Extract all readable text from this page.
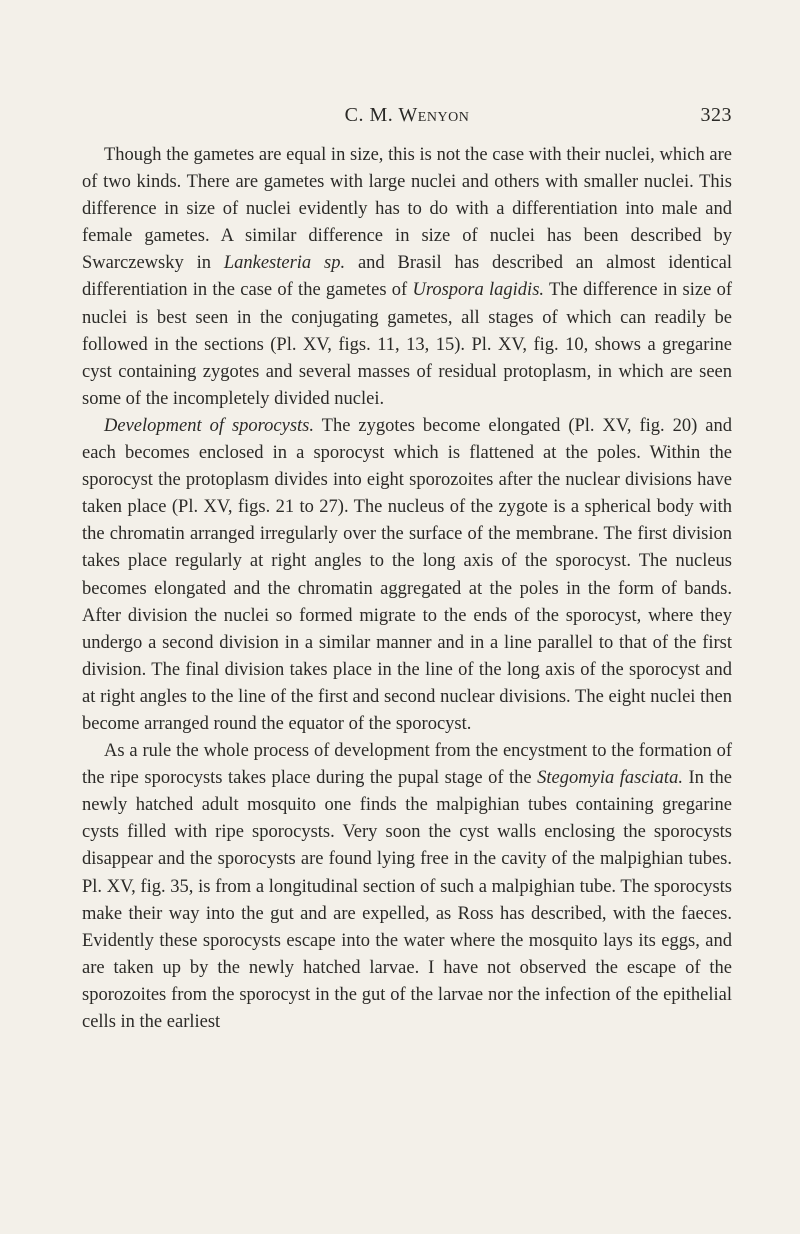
C. M. Wenyon	323

Though the gametes are equal in size, this is not the case with their nuclei, which are of two kinds. There are gametes with large nuclei and others with smaller nuclei. This difference in size of nuclei evidently has to do with a differentiation into male and female gametes. A similar difference in size of nuclei has been described by Swarczewsky in Lankesteria sp. and Brasil has described an almost identical differentiation in the case of the gametes of Urospora lagidis. The difference in size of nuclei is best seen in the conjugating gametes, all stages of which can readily be followed in the sections (Pl. XV, figs. 11, 13, 15). Pl. XV, fig. 10, shows a gregarine cyst containing zygotes and several masses of residual protoplasm, in which are seen some of the incompletely divided nuclei.

Development of sporocysts. The zygotes become elongated (Pl. XV, fig. 20) and each becomes enclosed in a sporocyst which is flattened at the poles. Within the sporocyst the protoplasm divides into eight sporozoites after the nuclear divisions have taken place (Pl. XV, figs. 21 to 27). The nucleus of the zygote is a spherical body with the chromatin arranged irregularly over the surface of the membrane. The first division takes place regularly at right angles to the long axis of the sporocyst. The nucleus becomes elongated and the chromatin aggregated at the poles in the form of bands. After division the nuclei so formed migrate to the ends of the sporocyst, where they undergo a second division in a similar manner and in a line parallel to that of the first division. The final division takes place in the line of the long axis of the sporocyst and at right angles to the line of the first and second nuclear divisions. The eight nuclei then become arranged round the equator of the sporocyst.

As a rule the whole process of development from the encystment to the formation of the ripe sporocysts takes place during the pupal stage of the Stegomyia fasciata. In the newly hatched adult mosquito one finds the malpighian tubes containing gregarine cysts filled with ripe sporocysts. Very soon the cyst walls enclosing the sporocysts disappear and the sporocysts are found lying free in the cavity of the malpighian tubes. Pl. XV, fig. 35, is from a longitudinal section of such a malpighian tube. The sporocysts make their way into the gut and are expelled, as Ross has described, with the faeces. Evidently these sporocysts escape into the water where the mosquito lays its eggs, and are taken up by the newly hatched larvae. I have not observed the escape of the sporozoites from the sporocyst in the gut of the larvae nor the infection of the epithelial cells in the earliest
